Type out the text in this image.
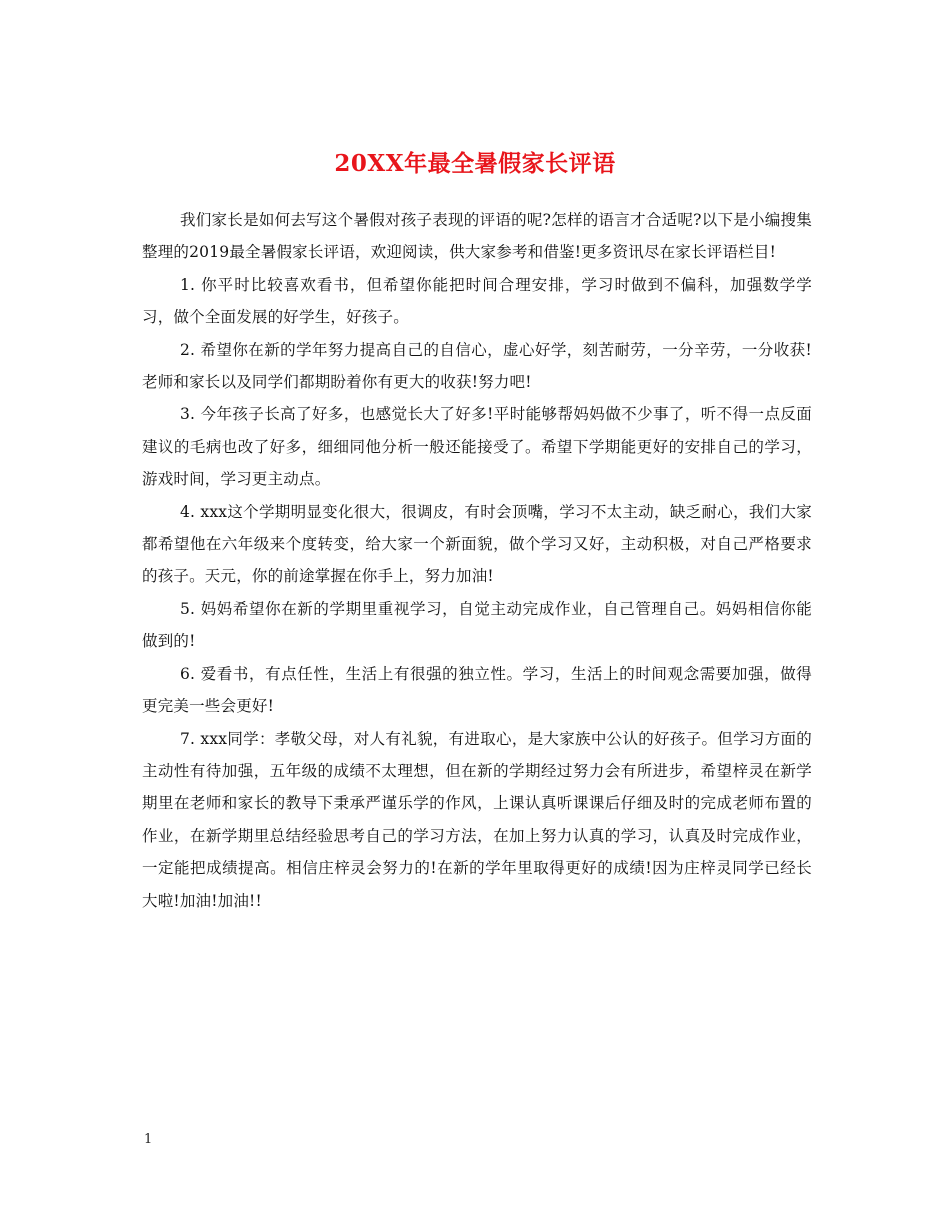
20XX年最全暑假家长评语

我们家长是如何去写这个暑假对孩子表现的评语的呢?怎样的语言才合适呢?以下是小编搜集整理的2019最全暑假家长评语，欢迎阅读，供大家参考和借鉴!更多资讯尽在家长评语栏目!

1. 你平时比较喜欢看书，但希望你能把时间合理安排，学习时做到不偏科，加强数学学习，做个全面发展的好学生，好孩子。

2. 希望你在新的学年努力提高自己的自信心，虚心好学，刻苦耐劳，一分辛劳，一分收获!老师和家长以及同学们都期盼着你有更大的收获!努力吧!

3. 今年孩子长高了好多，也感觉长大了好多!平时能够帮妈妈做不少事了，听不得一点反面建议的毛病也改了好多，细细同他分析一般还能接受了。希望下学期能更好的安排自己的学习，游戏时间，学习更主动点。

4. xxx这个学期明显变化很大，很调皮，有时会顶嘴，学习不太主动，缺乏耐心，我们大家都希望他在六年级来个度转变，给大家一个新面貌，做个学习又好，主动积极，对自己严格要求的孩子。天元，你的前途掌握在你手上，努力加油!

5. 妈妈希望你在新的学期里重视学习，自觉主动完成作业，自己管理自己。妈妈相信你能做到的!

6. 爱看书，有点任性，生活上有很强的独立性。学习，生活上的时间观念需要加强，做得更完美一些会更好!

7. xxx同学：孝敬父母，对人有礼貌，有进取心，是大家族中公认的好孩子。但学习方面的主动性有待加强，五年级的成绩不太理想，但在新的学期经过努力会有所进步，希望梓灵在新学期里在老师和家长的教导下秉承严谨乐学的作风，上课认真听课课后仔细及时的完成老师布置的作业，在新学期里总结经验思考自己的学习方法，在加上努力认真的学习，认真及时完成作业，一定能把成绩提高。相信庄梓灵会努力的!在新的学年里取得更好的成绩!因为庄梓灵同学已经长大啦!加油!加油!!

1
